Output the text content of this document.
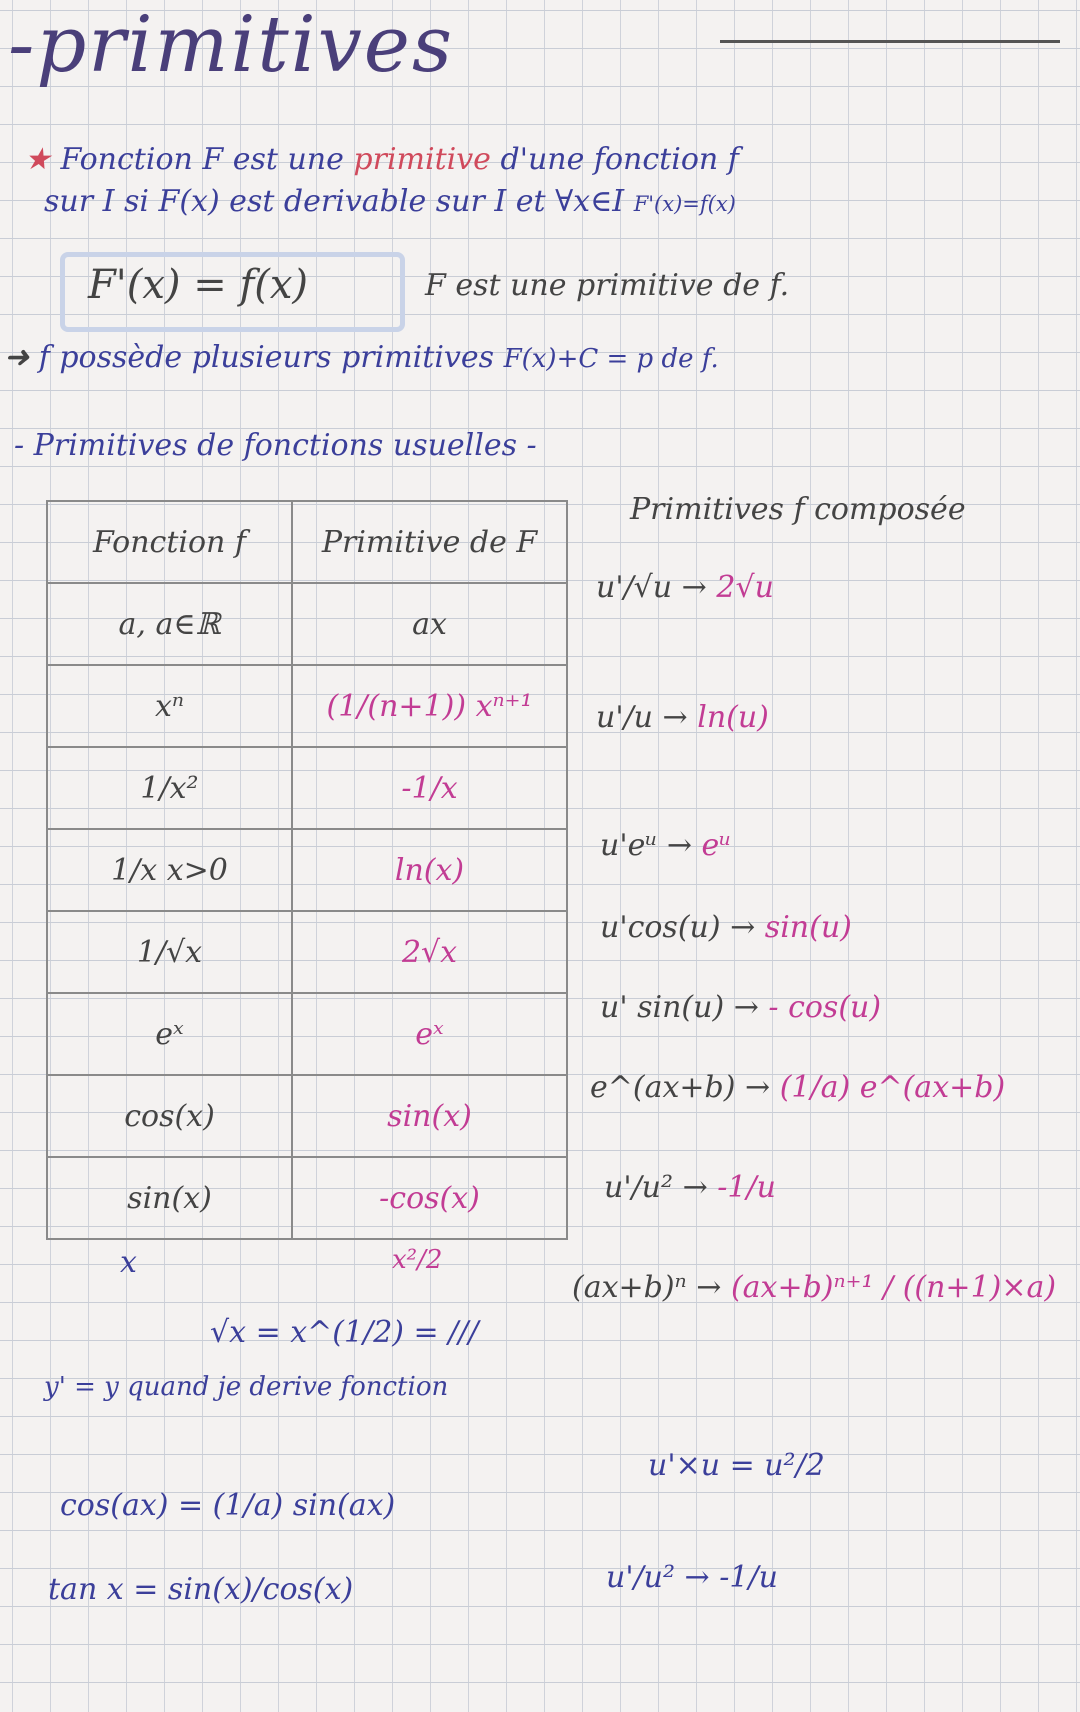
-primitives
★ Fonction F est une primitive d'une fonction f
sur I si F(x) est derivable sur I et ∀x∈I F'(x)=f(x)
F'(x) = f(x)	F est une primitive de f.
➜ f possède plusieurs primitives F(x)+C = p de f.
- Primitives de fonctions usuelles -
Fonction f	Primitive de F
a, a∈ℝ	ax
xⁿ	(1/(n+1)) xⁿ⁺¹
1/x²	-1/x
1/x x>0	ln(x)
1/√x	2√x
eˣ	eˣ
cos(x)	sin(x)
sin(x)	-cos(x)
Primitives f composée
u'/√u → 2√u
u'/u → ln(u)
u'eᵘ → eᵘ
u'cos(u) → sin(u)
u' sin(u) → - cos(u)
e^(ax+b) → (1/a) e^(ax+b)
u'/u² → -1/u
(ax+b)ⁿ → (ax+b)ⁿ⁺¹ / ((n+1)×a)
x	x²/2
√x = x^(1/2) = ///
y' = y quand je derive fonction
u'×u = u²/2
cos(ax) = (1/a) sin(ax)
tan x = sin(x)/cos(x)	u'/u² → -1/u
